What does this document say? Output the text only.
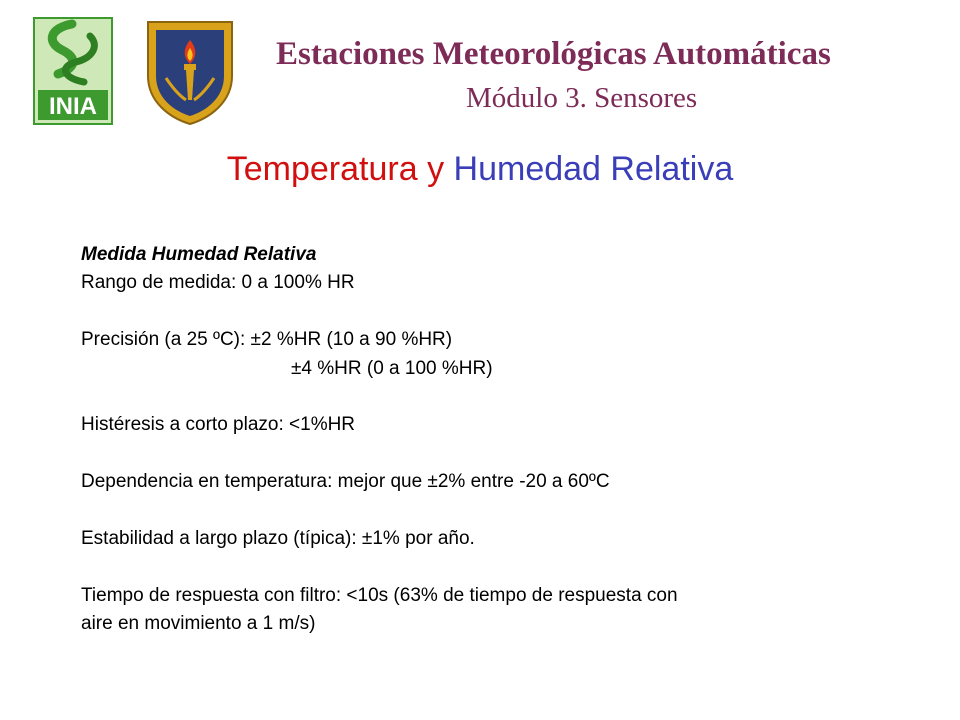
INIA
Estaciones Meteorológicas Automáticas
Módulo 3. Sensores
Temperatura y Humedad Relativa
Medida Humedad Relativa
Rango de medida: 0 a 100% HR
Precisión (a 25 ºC): ±2 %HR (10 a 90 %HR)
±4 %HR (0 a 100 %HR)
Histéresis a corto plazo: <1%HR
Dependencia en temperatura: mejor que ±2% entre -20 a 60ºC
Estabilidad a largo plazo (típica): ±1% por año.
Tiempo de respuesta con filtro: <10s (63% de tiempo de respuesta con
aire en movimiento a 1 m/s)
